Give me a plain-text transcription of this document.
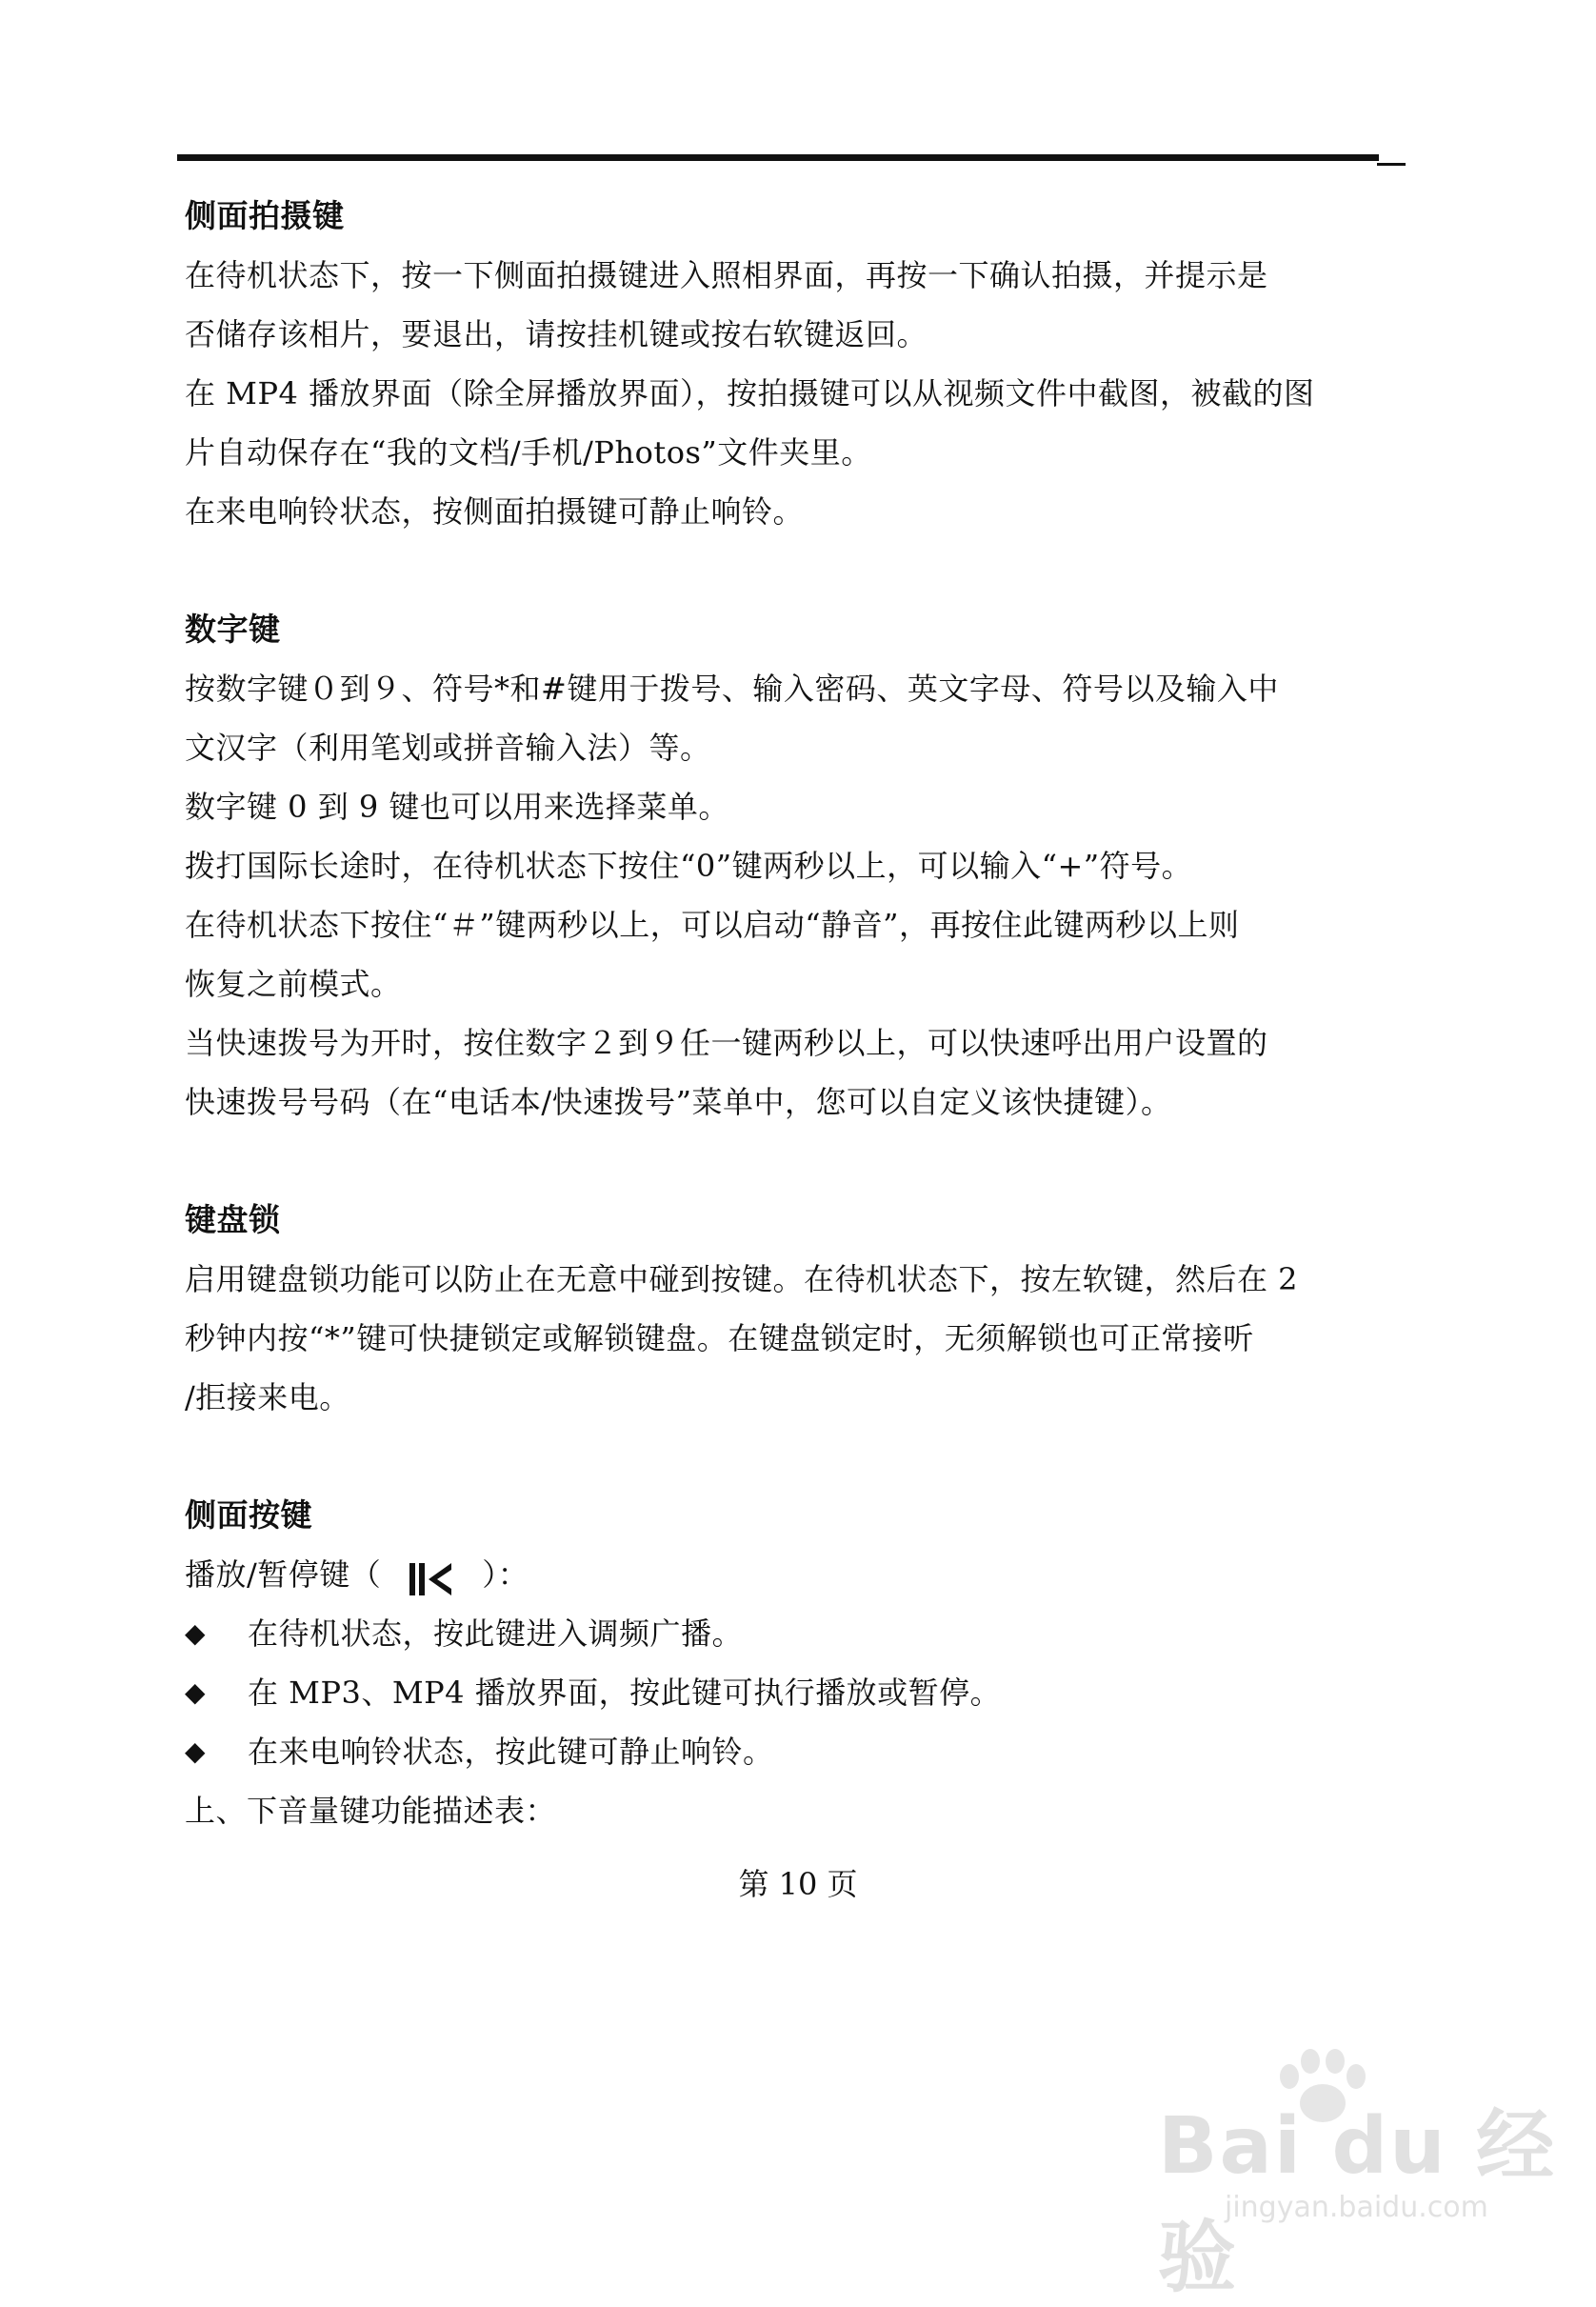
侧面拍摄键
在待机状态下，按一下侧面拍摄键进入照相界面，再按一下确认拍摄，并提示是
否储存该相片，要退出，请按挂机键或按右软键返回。
在 MP4 播放界面（除全屏播放界面），按拍摄键可以从视频文件中截图，被截的图
片自动保存在“我的文档/手机/Photos”文件夹里。
在来电响铃状态，按侧面拍摄键可静止响铃。
数字键
按数字键０到９、符号*和#键用于拨号、输入密码、英文字母、符号以及输入中
文汉字（利用笔划或拼音输入法）等。
数字键 0 到 9 键也可以用来选择菜单。
拨打国际长途时，在待机状态下按住“0”键两秒以上，可以输入“+”符号。
在待机状态下按住“＃”键两秒以上，可以启动“静音”，再按住此键两秒以上则
恢复之前模式。
当快速拨号为开时，按住数字２到９任一键两秒以上，可以快速呼出用户设置的
快速拨号号码（在“电话本/快速拨号”菜单中，您可以自定义该快捷键）。
键盘锁
启用键盘锁功能可以防止在无意中碰到按键。在待机状态下，按左软键，然后在 2
秒钟内按“*”键可快捷锁定或解锁键盘。在键盘锁定时，无须解锁也可正常接听
/拒接来电。
侧面按键
播放/暂停键（	）：
◆	在待机状态，按此键进入调频广播。
◆	在 MP3、MP4 播放界面，按此键可执行播放或暂停。
◆	在来电响铃状态，按此键可静止响铃。
上、下音量键功能描述表：
第 10 页
Bai du 经验
jingyan.baidu.com
